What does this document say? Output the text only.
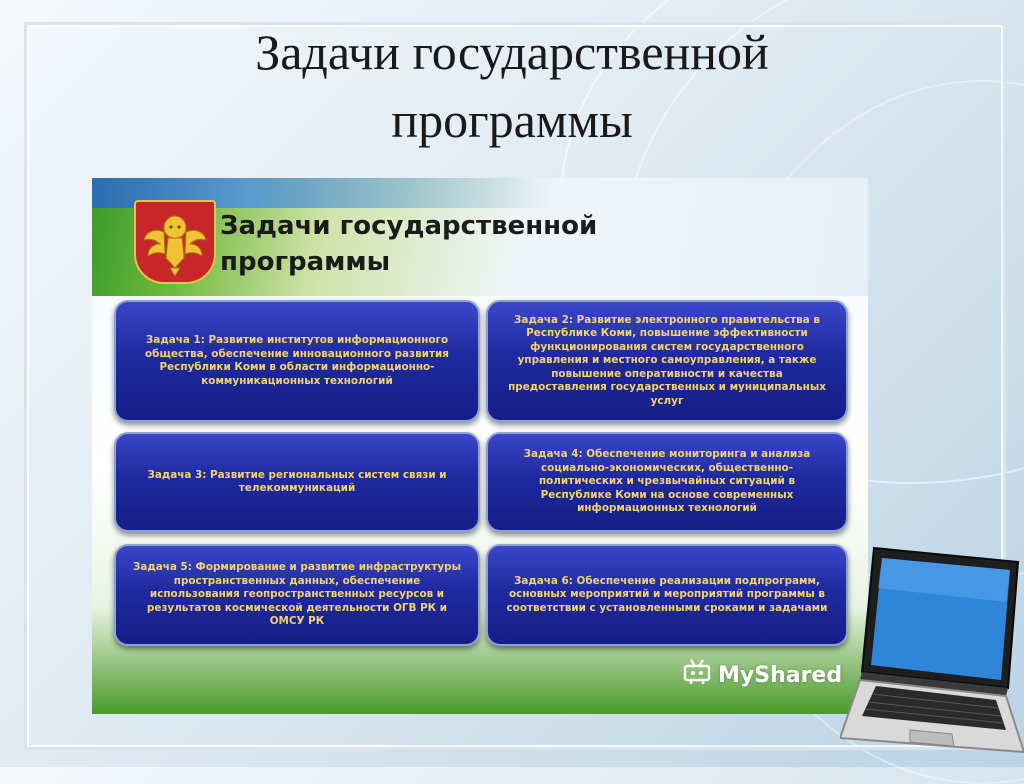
Задачи государственной
программы
Задачи государственной
программы
Задача 1: Развитие институтов информационного общества, обеспечение инновационного развития Республики Коми в области информационно-коммуникационных технологий
Задача 2: Развитие электронного правительства в Республике Коми, повышение эффективности функционирования систем государственного управления и местного самоуправления, а также повышение оперативности и качества предоставления государственных и муниципальных услуг
Задача 3: Развитие региональных систем связи и телекоммуникаций
Задача 4: Обеспечение мониторинга и анализа социально-экономических, общественно-политических и чрезвычайных ситуаций в Республике Коми на основе современных информационных технологий
Задача 5: Формирование и развитие инфраструктуры пространственных данных, обеспечение использования геопространственных ресурсов и результатов космической деятельности ОГВ РК и ОМСУ РК
Задача 6: Обеспечение реализации подпрограмм, основных мероприятий и мероприятий программы в соответствии с установленными сроками и задачами
MyShared
